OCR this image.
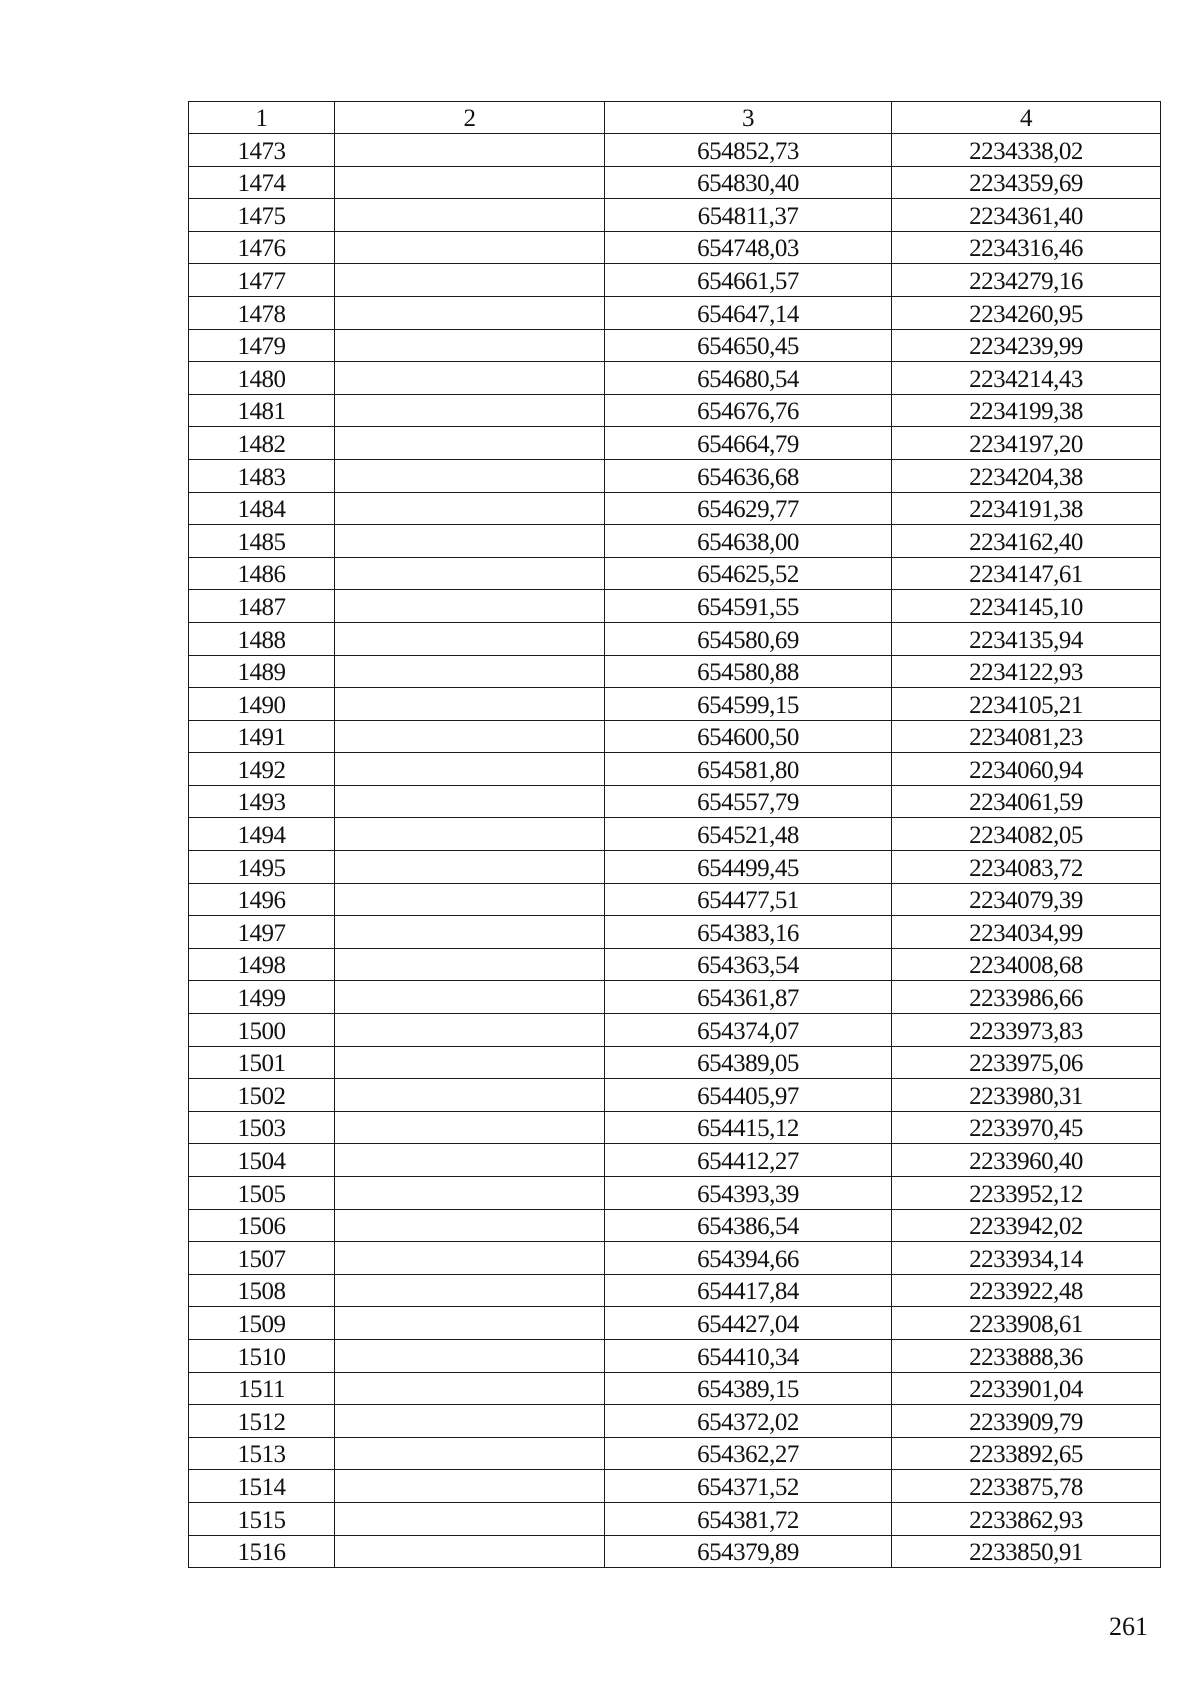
1	2	3	4
1473		654852,73	2234338,02
1474		654830,40	2234359,69
1475		654811,37	2234361,40
1476		654748,03	2234316,46
1477		654661,57	2234279,16
1478		654647,14	2234260,95
1479		654650,45	2234239,99
1480		654680,54	2234214,43
1481		654676,76	2234199,38
1482		654664,79	2234197,20
1483		654636,68	2234204,38
1484		654629,77	2234191,38
1485		654638,00	2234162,40
1486		654625,52	2234147,61
1487		654591,55	2234145,10
1488		654580,69	2234135,94
1489		654580,88	2234122,93
1490		654599,15	2234105,21
1491		654600,50	2234081,23
1492		654581,80	2234060,94
1493		654557,79	2234061,59
1494		654521,48	2234082,05
1495		654499,45	2234083,72
1496		654477,51	2234079,39
1497		654383,16	2234034,99
1498		654363,54	2234008,68
1499		654361,87	2233986,66
1500		654374,07	2233973,83
1501		654389,05	2233975,06
1502		654405,97	2233980,31
1503		654415,12	2233970,45
1504		654412,27	2233960,40
1505		654393,39	2233952,12
1506		654386,54	2233942,02
1507		654394,66	2233934,14
1508		654417,84	2233922,48
1509		654427,04	2233908,61
1510		654410,34	2233888,36
1511		654389,15	2233901,04
1512		654372,02	2233909,79
1513		654362,27	2233892,65
1514		654371,52	2233875,78
1515		654381,72	2233862,93
1516		654379,89	2233850,91
261
